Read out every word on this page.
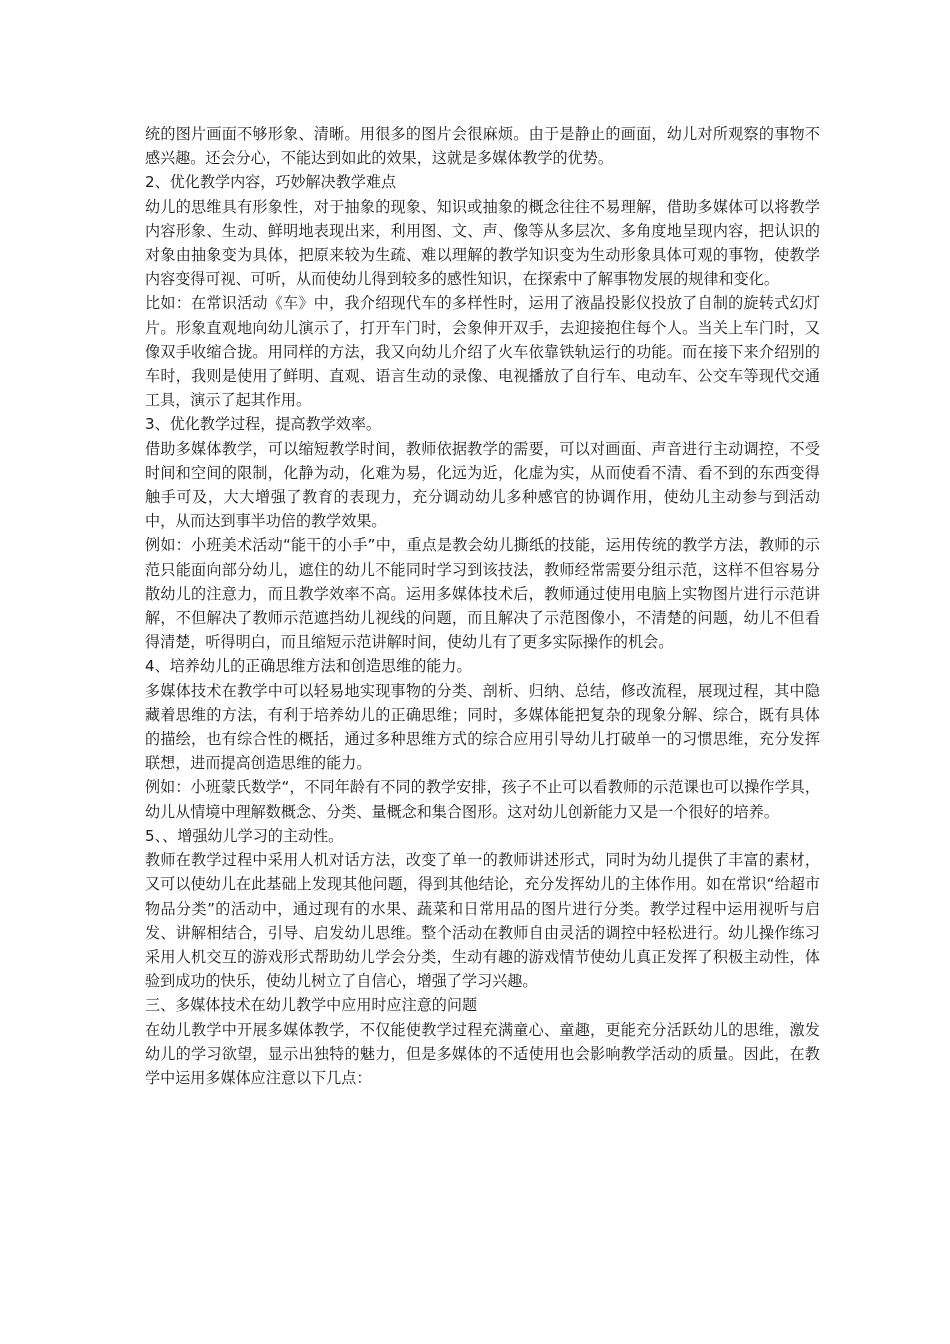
统的图片画面不够形象、清晰。用很多的图片会很麻烦。由于是静止的画面，幼儿对所观察的事物不感兴趣。还会分心，不能达到如此的效果，这就是多媒体教学的优势。

2、优化教学内容，巧妙解决教学难点

幼儿的思维具有形象性，对于抽象的现象、知识或抽象的概念往往不易理解，借助多媒体可以将教学内容形象、生动、鲜明地表现出来，利用图、文、声、像等从多层次、多角度地呈现内容，把认识的对象由抽象变为具体，把原来较为生疏、难以理解的教学知识变为生动形象具体可观的事物，使教学内容变得可视、可听，从而使幼儿得到较多的感性知识，在探索中了解事物发展的规律和变化。

比如：在常识活动《车》中，我介绍现代车的多样性时，运用了液晶投影仪投放了自制的旋转式幻灯片。形象直观地向幼儿演示了，打开车门时，会象伸开双手，去迎接抱住每个人。当关上车门时，又像双手收缩合拢。用同样的方法，我又向幼儿介绍了火车依靠铁轨运行的功能。而在接下来介绍别的车时，我则是使用了鲜明、直观、语言生动的录像、电视播放了自行车、电动车、公交车等现代交通工具，演示了起其作用。

3、优化教学过程，提高教学效率。

借助多媒体教学，可以缩短教学时间，教师依据教学的需要，可以对画面、声音进行主动调控，不受时间和空间的限制，化静为动，化难为易，化远为近，化虚为实，从而使看不清、看不到的东西变得触手可及，大大增强了教育的表现力，充分调动幼儿多种感官的协调作用，使幼儿主动参与到活动中，从而达到事半功倍的教学效果。

例如：小班美术活动“能干的小手”中，重点是教会幼儿撕纸的技能，运用传统的教学方法，教师的示范只能面向部分幼儿，遮住的幼儿不能同时学习到该技法，教师经常需要分组示范，这样不但容易分散幼儿的注意力，而且教学效率不高。运用多媒体技术后，教师通过使用电脑上实物图片进行示范讲解，不但解决了教师示范遮挡幼儿视线的问题，而且解决了示范图像小，不清楚的问题，幼儿不但看得清楚，听得明白，而且缩短示范讲解时间，使幼儿有了更多实际操作的机会。

4、培养幼儿的正确思维方法和创造思维的能力。

多媒体技术在教学中可以轻易地实现事物的分类、剖析、归纳、总结，修改流程，展现过程，其中隐藏着思维的方法，有利于培养幼儿的正确思维；同时，多媒体能把复杂的现象分解、综合，既有具体的描绘，也有综合性的概括，通过多种思维方式的综合应用引导幼儿打破单一的习惯思维，充分发挥联想，进而提高创造思维的能力。

例如：小班蒙氏数学“，不同年龄有不同的教学安排，孩子不止可以看教师的示范课也可以操作学具，幼儿从情境中理解数概念、分类、量概念和集合图形。这对幼儿创新能力又是一个很好的培养。

5、、增强幼儿学习的主动性。

教师在教学过程中采用人机对话方法，改变了单一的教师讲述形式，同时为幼儿提供了丰富的素材，又可以使幼儿在此基础上发现其他问题，得到其他结论，充分发挥幼儿的主体作用。如在常识“给超市物品分类”的活动中，通过现有的水果、蔬菜和日常用品的图片进行分类。教学过程中运用视听与启发、讲解相结合，引导、启发幼儿思维。整个活动在教师自由灵活的调控中轻松进行。幼儿操作练习采用人机交互的游戏形式帮助幼儿学会分类，生动有趣的游戏情节使幼儿真正发挥了积极主动性，体验到成功的快乐，使幼儿树立了自信心，增强了学习兴趣。

三、多媒体技术在幼儿教学中应用时应注意的问题

在幼儿教学中开展多媒体教学，不仅能使教学过程充满童心、童趣，更能充分活跃幼儿的思维，激发幼儿的学习欲望，显示出独特的魅力，但是多媒体的不适使用也会影响教学活动的质量。因此，在教学中运用多媒体应注意以下几点：
